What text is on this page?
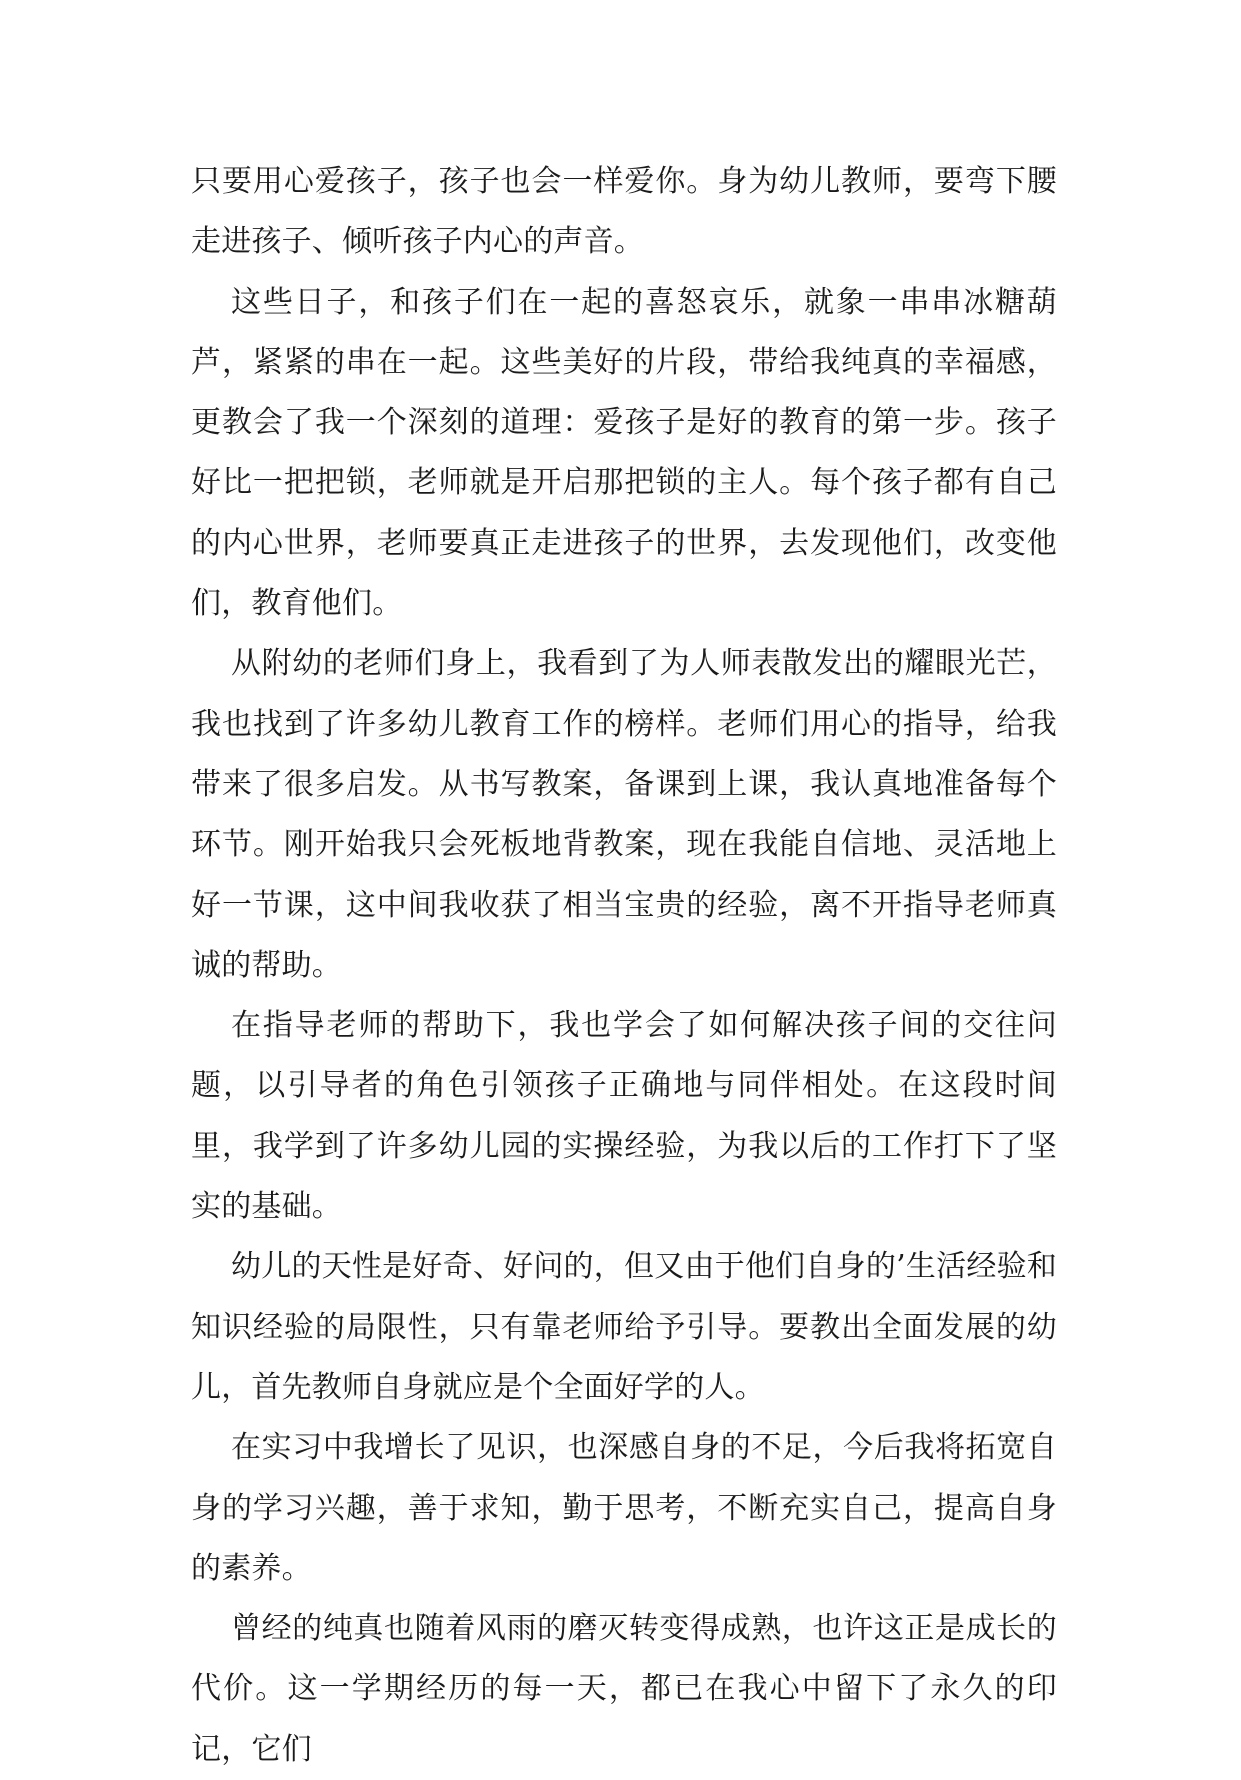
只要用心爱孩子，孩子也会一样爱你。身为幼儿教师，要弯下腰走进孩子、倾听孩子内心的声音。

这些日子，和孩子们在一起的喜怒哀乐，就象一串串冰糖葫芦，紧紧的串在一起。这些美好的片段，带给我纯真的幸福感，更教会了我一个深刻的道理：爱孩子是好的教育的第一步。孩子好比一把把锁，老师就是开启那把锁的主人。每个孩子都有自己的内心世界，老师要真正走进孩子的世界，去发现他们，改变他们，教育他们。

从附幼的老师们身上，我看到了为人师表散发出的耀眼光芒，我也找到了许多幼儿教育工作的榜样。老师们用心的指导，给我带来了很多启发。从书写教案，备课到上课，我认真地准备每个环节。刚开始我只会死板地背教案，现在我能自信地、灵活地上好一节课，这中间我收获了相当宝贵的经验，离不开指导老师真诚的帮助。

在指导老师的帮助下，我也学会了如何解决孩子间的交往问题，以引导者的角色引领孩子正确地与同伴相处。在这段时间里，我学到了许多幼儿园的实操经验，为我以后的工作打下了坚实的基础。

幼儿的天性是好奇、好问的，但又由于他们自身的’生活经验和知识经验的局限性，只有靠老师给予引导。要教出全面发展的幼儿，首先教师自身就应是个全面好学的人。

在实习中我增长了见识，也深感自身的不足，今后我将拓宽自身的学习兴趣，善于求知，勤于思考，不断充实自己，提高自身的素养。

曾经的纯真也随着风雨的磨灭转变得成熟，也许这正是成长的代价。这一学期经历的每一天，都已在我心中留下了永久的印记，它们
